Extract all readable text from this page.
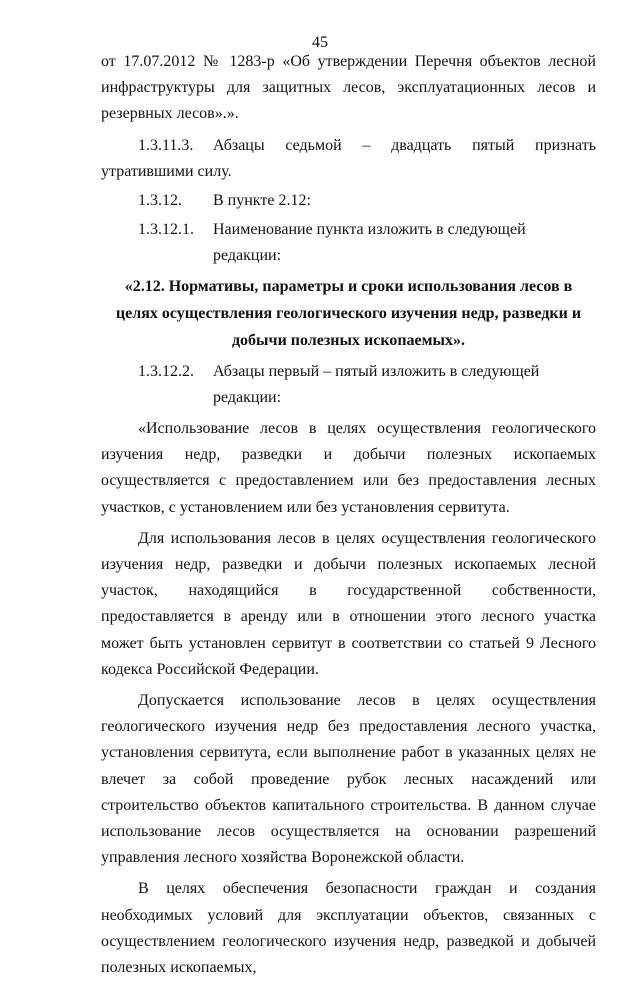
45

от 17.07.2012 № 1283-р «Об утверждении Перечня объектов лесной инфраструктуры для защитных лесов, эксплуатационных лесов и резервных лесов».».

1.3.11.3. Абзацы седьмой – двадцать пятый признать утратившими силу.

1.3.12.	В пункте 2.12:
1.3.12.1.	Наименование пункта изложить в следующей редакции:

«2.12. Нормативы, параметры и сроки использования лесов в целях осуществления геологического изучения недр, разведки и добычи полезных ископаемых».

1.3.12.2.	Абзацы первый – пятый изложить в следующей редакции:

«Использование лесов в целях осуществления геологического изучения недр, разведки и добычи полезных ископаемых осуществляется с предоставлением или без предоставления лесных участков, с установлением или без установления сервитута.

Для использования лесов в целях осуществления геологического изучения недр, разведки и добычи полезных ископаемых лесной участок, находящийся в государственной собственности, предоставляется в аренду или в отношении этого лесного участка может быть установлен сервитут в соответствии со статьей 9 Лесного кодекса Российской Федерации.

Допускается использование лесов в целях осуществления геологического изучения недр без предоставления лесного участка, установления сервитута, если выполнение работ в указанных целях не влечет за собой проведение рубок лесных насаждений или строительство объектов капитального строительства. В данном случае использование лесов осуществляется на основании разрешений управления лесного хозяйства Воронежской области.

В целях обеспечения безопасности граждан и создания необходимых условий для эксплуатации объектов, связанных с осуществлением геологического изучения недр, разведкой и добычей полезных ископаемых,
